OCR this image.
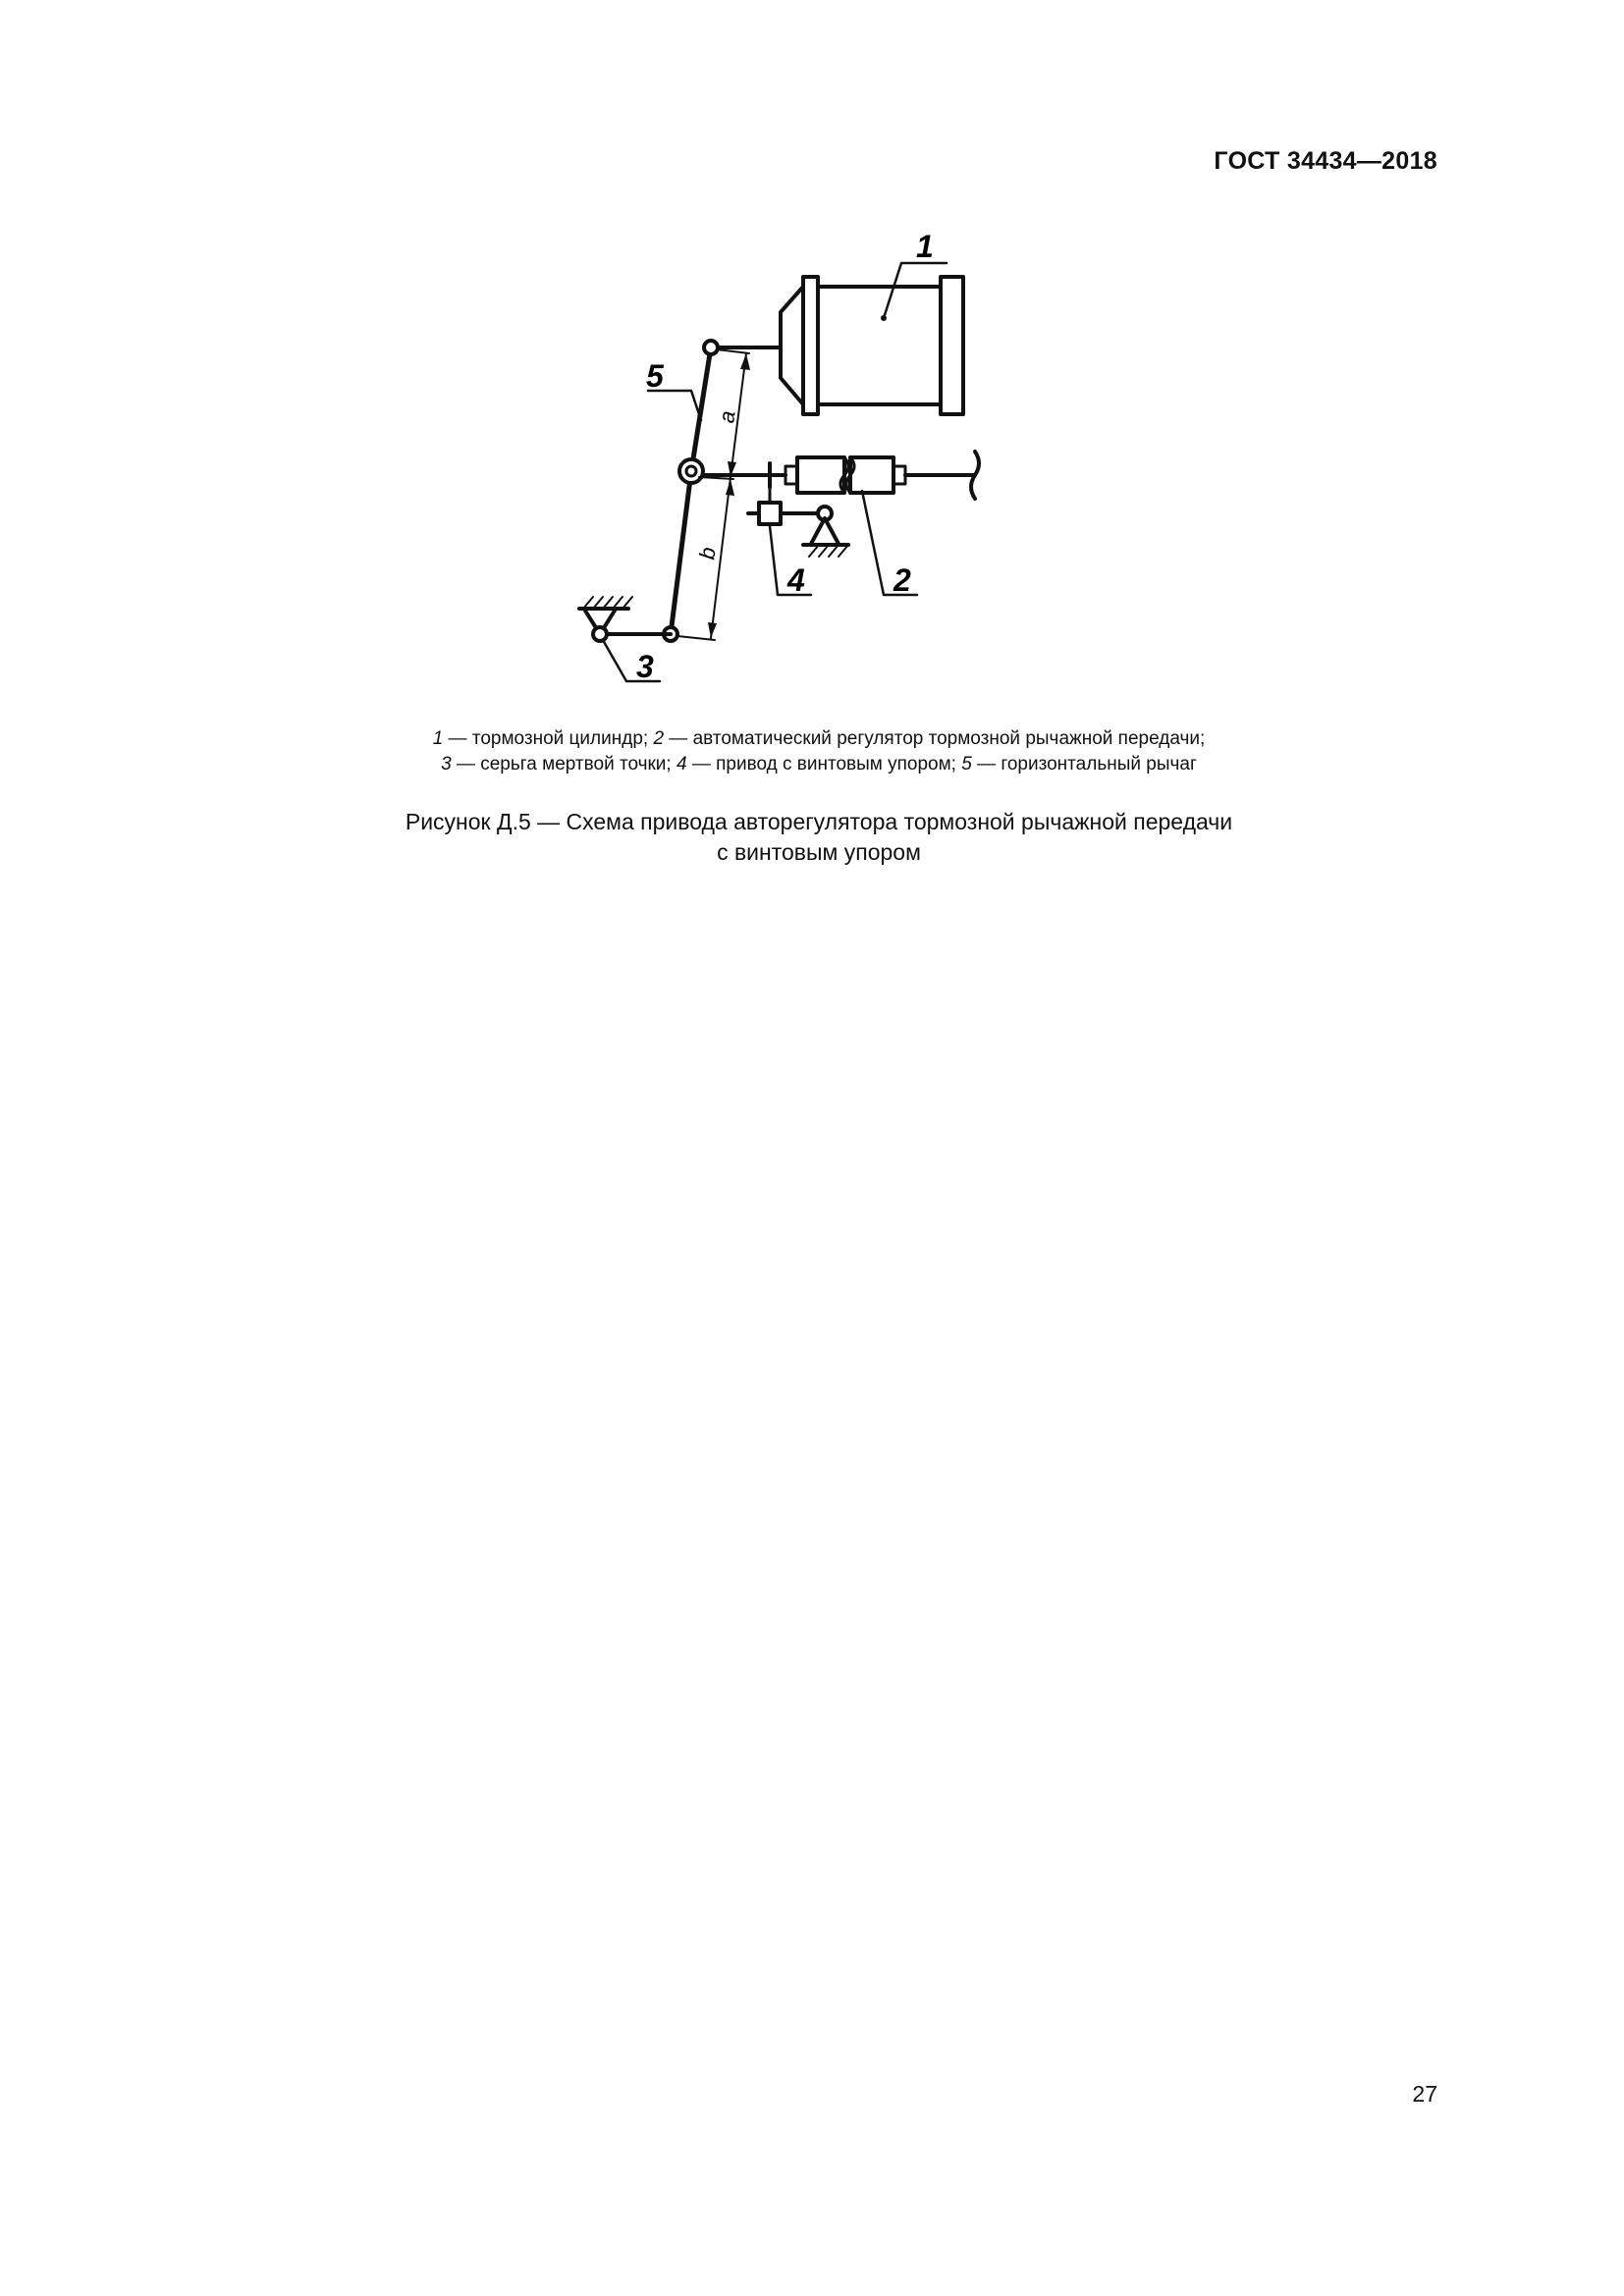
ГОСТ 34434—2018
1
2
3
4
5
a
b
1 — тормозной цилиндр; 2 — автоматический регулятор тормозной рычажной передачи;
3 — серьга мертвой точки; 4 — привод с винтовым упором; 5 — горизонтальный рычаг
Рисунок Д.5 — Схема привода авторегулятора тормозной рычажной передачи
с винтовым упором
27
